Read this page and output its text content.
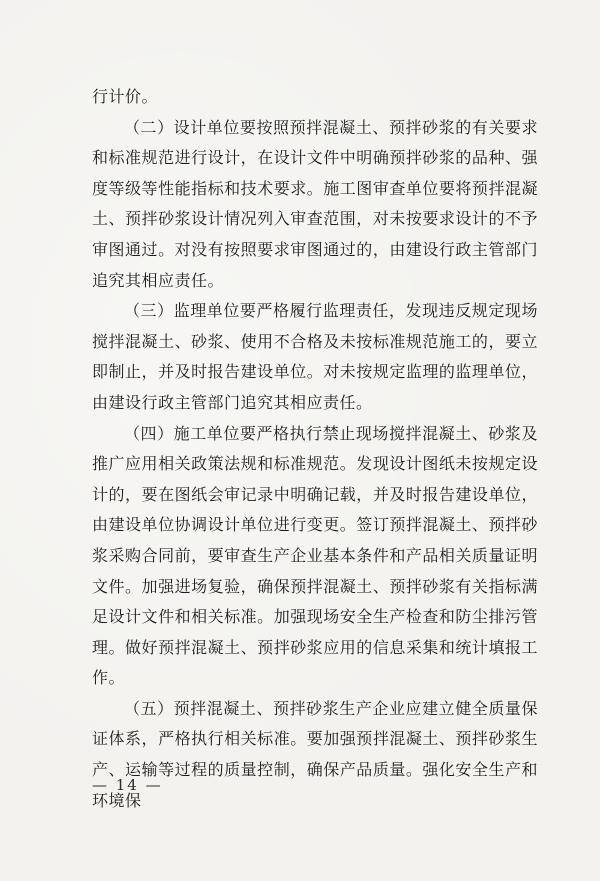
行计价。

（二）设计单位要按照预拌混凝土、预拌砂浆的有关要求和标准规范进行设计，在设计文件中明确预拌砂浆的品种、强度等级等性能指标和技术要求。施工图审查单位要将预拌混凝土、预拌砂浆设计情况列入审查范围，对未按要求设计的不予审图通过。对没有按照要求审图通过的，由建设行政主管部门追究其相应责任。

（三）监理单位要严格履行监理责任，发现违反规定现场搅拌混凝土、砂浆、使用不合格及未按标准规范施工的，要立即制止，并及时报告建设单位。对未按规定监理的监理单位，由建设行政主管部门追究其相应责任。

（四）施工单位要严格执行禁止现场搅拌混凝土、砂浆及推广应用相关政策法规和标准规范。发现设计图纸未按规定设计的，要在图纸会审记录中明确记载，并及时报告建设单位，由建设单位协调设计单位进行变更。签订预拌混凝土、预拌砂浆采购合同前，要审查生产企业基本条件和产品相关质量证明文件。加强进场复验，确保预拌混凝土、预拌砂浆有关指标满足设计文件和相关标准。加强现场安全生产检查和防尘排污管理。做好预拌混凝土、预拌砂浆应用的信息采集和统计填报工作。

（五）预拌混凝土、预拌砂浆生产企业应建立健全质量保证体系，严格执行相关标准。要加强预拌混凝土、预拌砂浆生产、运输等过程的质量控制，确保产品质量。强化安全生产和环境保

— 14 —
